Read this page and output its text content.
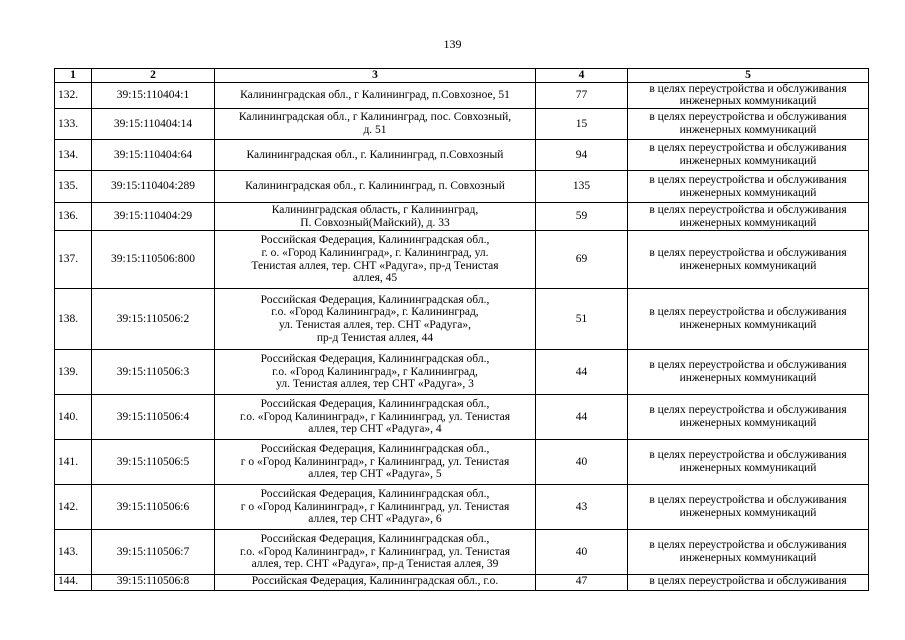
139
1	2	3	4	5
132.	39:15:110404:1	Калининградская обл., г Калининград, п.Совхозное, 51	77	в целях переустройства и обслуживания
инженерных коммуникаций
133.	39:15:110404:14	Калининградская обл., г Калининград, пос. Совхозный,
д. 51	15	в целях переустройства и обслуживания
инженерных коммуникаций
134.	39:15:110404:64	Калининградская обл., г. Калининград, п.Совхозный	94	в целях переустройства и обслуживания
инженерных коммуникаций
135.	39:15:110404:289	Калининградская обл., г. Калининград, п. Совхозный	135	в целях переустройства и обслуживания
инженерных коммуникаций
136.	39:15:110404:29	Калининградская область, г Калининград,
П. Совхозный(Майский), д. 33	59	в целях переустройства и обслуживания
инженерных коммуникаций
137.	39:15:110506:800	Российская Федерация, Калининградская обл.,
г. о. «Город Калининград», г. Калининград, ул.
Тенистая аллея, тер. СНТ «Радуга», пр-д Тенистая
аллея, 45	69	в целях переустройства и обслуживания
инженерных коммуникаций
138.	39:15:110506:2	Российская Федерация, Калининградская обл.,
г.о. «Город Калининград», г. Калининград,
ул. Тенистая аллея, тер. СНТ «Радуга»,
пр-д Тенистая аллея, 44	51	в целях переустройства и обслуживания
инженерных коммуникаций
139.	39:15:110506:3	Российская Федерация, Калининградская обл.,
г.о. «Город Калининград», г Калининград,
ул. Тенистая аллея, тер СНТ «Радуга», 3	44	в целях переустройства и обслуживания
инженерных коммуникаций
140.	39:15:110506:4	Российская Федерация, Калининградская обл.,
г.о. «Город Калининград», г Калининград, ул. Тенистая
аллея, тер СНТ «Радуга», 4	44	в целях переустройства и обслуживания
инженерных коммуникаций
141.	39:15:110506:5	Российская Федерация, Калининградская обл.,
г о «Город Калининград», г Калининград, ул. Тенистая
аллея, тер СНТ «Радуга», 5	40	в целях переустройства и обслуживания
инженерных коммуникаций
142.	39:15:110506:6	Российская Федерация, Калининградская обл.,
г о «Город Калининград», г Калининград, ул. Тенистая
аллея, тер СНТ «Радуга», 6	43	в целях переустройства и обслуживания
инженерных коммуникаций
143.	39:15:110506:7	Российская Федерация, Калининградская обл.,
г.о. «Город Калининград», г Калининград, ул. Тенистая
аллея, тер. СНТ «Радуга», пр-д Тенистая аллея, 39	40	в целях переустройства и обслуживания
инженерных коммуникаций
144.	39:15:110506:8	Российская Федерация, Калининградская обл., г.о.	47	в целях переустройства и обслуживания
